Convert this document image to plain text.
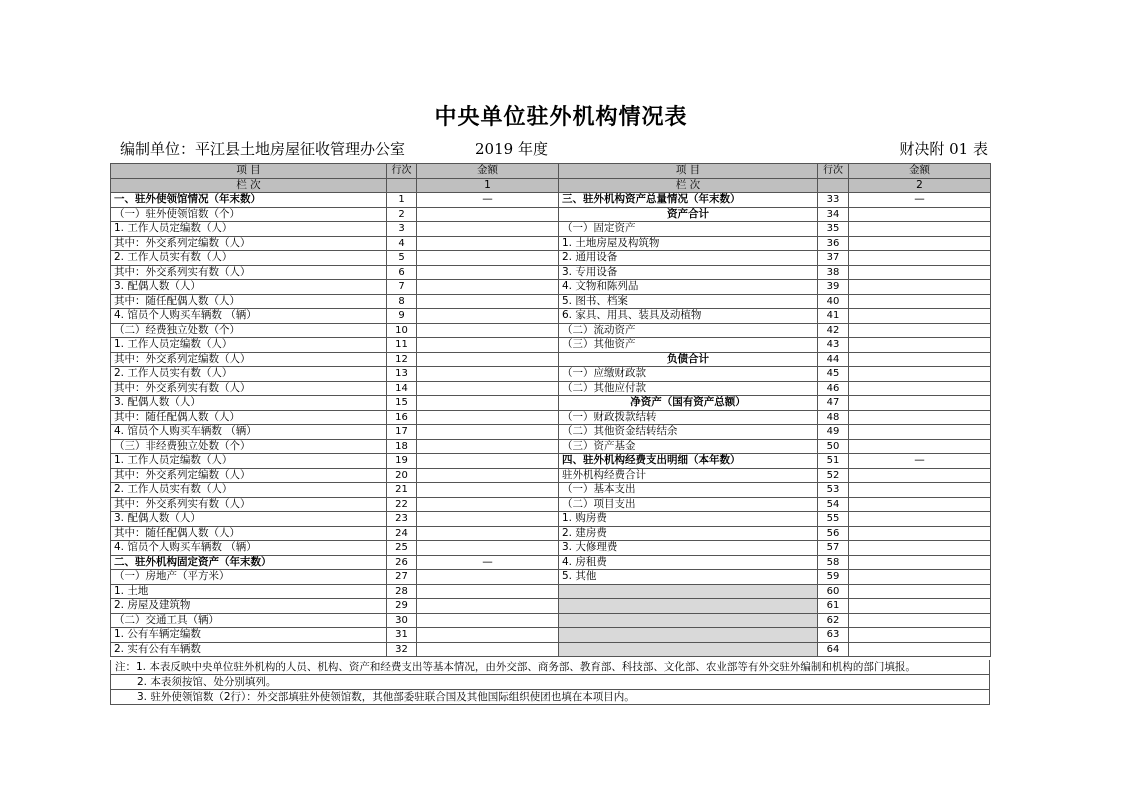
中央单位驻外机构情况表
编制单位：平江县土地房屋征收管理办公室	2019 年度	财决附 01 表
项 目	行次	金额	项 目	行次	金额
栏 次		1	栏 次		2
一、驻外使领馆情况（年末数）	1	—	三、驻外机构资产总量情况（年末数）	33	—
（一）驻外使领馆数（个）	2		资产合计	34	
1. 工作人员定编数（人）	3		（一）固定资产	35	
其中：外交系列定编数（人）	4		1. 土地房屋及构筑物	36	
2. 工作人员实有数（人）	5		2. 通用设备	37	
其中：外交系列实有数（人）	6		3. 专用设备	38	
3. 配偶人数（人）	7		4. 文物和陈列品	39	
其中：随任配偶人数（人）	8		5. 图书、档案	40	
4. 馆员个人购买车辆数 （辆）	9		6. 家具、用具、装具及动植物	41	
（二）经费独立处数（个）	10		（二）流动资产	42	
1. 工作人员定编数（人）	11		（三）其他资产	43	
其中：外交系列定编数（人）	12		负债合计	44	
2. 工作人员实有数（人）	13		（一）应缴财政款	45	
其中：外交系列实有数（人）	14		（二）其他应付款	46	
3. 配偶人数（人）	15		净资产（国有资产总额）	47	
其中：随任配偶人数（人）	16		（一）财政拨款结转	48	
4. 馆员个人购买车辆数 （辆）	17		（二）其他资金结转结余	49	
（三）非经费独立处数（个）	18		（三）资产基金	50	
1. 工作人员定编数（人）	19		四、驻外机构经费支出明细（本年数）	51	—
其中：外交系列定编数（人）	20		驻外机构经费合计	52	
2. 工作人员实有数（人）	21		（一）基本支出	53	
其中：外交系列实有数（人）	22		（二）项目支出	54	
3. 配偶人数（人）	23		1. 购房费	55	
其中：随任配偶人数（人）	24		2. 建房费	56	
4. 馆员个人购买车辆数 （辆）	25		3. 大修理费	57	
二、驻外机构固定资产（年末数）	26	—	4. 房租费	58	
（一）房地产（平方米）	27		5. 其他	59	
1. 土地	28			60	
2. 房屋及建筑物	29			61	
（二）交通工具（辆）	30			62	
1. 公有车辆定编数	31			63	
2. 实有公有车辆数	32			64	
注：1. 本表反映中央单位驻外机构的人员、机构、资产和经费支出等基本情况，由外交部、商务部、教育部、科技部、文化部、农业部等有外交驻外编制和机构的部门填报。
2. 本表须按馆、处分别填列。
3. 驻外使领馆数（2行）：外交部填驻外使领馆数，其他部委驻联合国及其他国际组织使团也填在本项目内。
